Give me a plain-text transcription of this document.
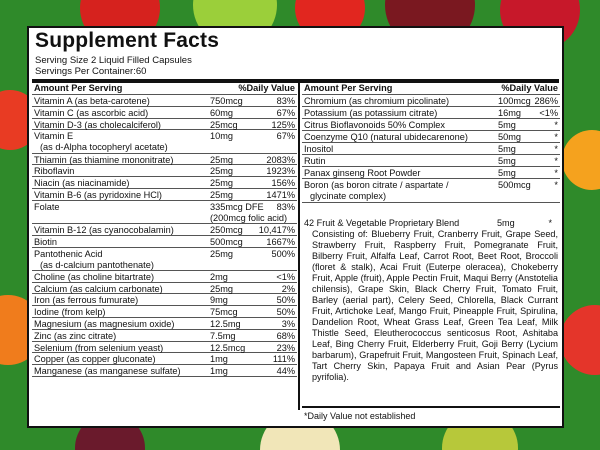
Supplement Facts
Serving Size 2 Liquid Filled Capsules
Servings Per Container:60
Amount Per Serving	%Daily Value
Vitamin A (as beta-carotene)	750mcg	83%
Vitamin C (as ascorbic acid)	60mg	67%
Vitamin D-3 (as cholecalciferol)	25mcg	125%
Vitamin E	10mg	67%
(as d-Alpha tocopheryl acetate)
Thiamin (as thiamine mononitrate)	25mg	2083%
Riboflavin	25mg	1923%
Niacin (as niacinamide)	25mg	156%
Vitamin B-6 (as pyridoxine HCl)	25mg	1471%
Folate	335mcg DFE 83%
(200mcg folic acid)
Vitamin B-12 (as cyanocobalamin)	250mcg 10,417%
Biotin	500mcg	1667%
Pantothenic Acid	25mg	500%
(as d-calcium pantothenate)
Choline (as choline bitartrate)	2mg	<1%
Calcium (as calcium carbonate)	25mg	2%
Iron (as ferrous fumurate)	9mg	50%
Iodine (from kelp)	75mcg	50%
Magnesium (as magnesium oxide)	12.5mg	3%
Zinc (as zinc citrate)	7.5mg	68%
Selenium (from selenium yeast)	12.5mcg	23%
Copper (as copper gluconate)	1mg	111%
Manganese (as manganese sulfate)	1mg	44%
Amount Per Serving	%Daily Value
Chromium (as chromium picolinate)	100mcg 286%
Potassium (as potassium citrate)	16mg <1%
Citrus Bioflavonoids 50% Complex	5mg	*
Coenzyme Q10 (natural ubidecarenone)	50mg	*
Inositol	5mg	*
Rutin	5mg	*
Panax ginseng Root Powder	5mg	*
Boron (as boron citrate / aspartate /	500mcg	*
glycinate complex)
42 Fruit & Vegetable Proprietary Blend	5mg	*
Consisting of: Blueberry Fruit, Cranberry Fruit, Grape Seed, Strawberry Fruit, Raspberry Fruit, Pomegranate Fruit, Bilberry Fruit, Alfalfa Leaf, Carrot Root, Beet Root, Broccoli (floret & stalk), Acai Fruit (Euterpe oleracea), Chokeberry Fruit, Apple (fruit), Apple Pectin Fruit, Maqui Berry (Anstotelia chilensis), Grape Skin, Black Cherry Fruit, Tomato Fruit, Barley (aerial part), Celery Seed, Chlorella, Black Currant Fruit, Artichoke Leaf, Mango Fruit, Pineapple Fruit, Spirulina, Dandelion Root, Wheat Grass Leaf, Green Tea Leaf, Milk Thistle Seed, Eleutherococcus senticosus Root, Ashitaba Leaf, Bing Cherry Fruit, Elderberry Fruit, Goji Berry (Lycium barbarum), Grapefruit Fruit, Mangosteen Fruit, Spinach Leaf, Tart Cherry Skin, Papaya Fruit and Asian Pear (Pyrus pyrifolia).
*Daily Value not established
